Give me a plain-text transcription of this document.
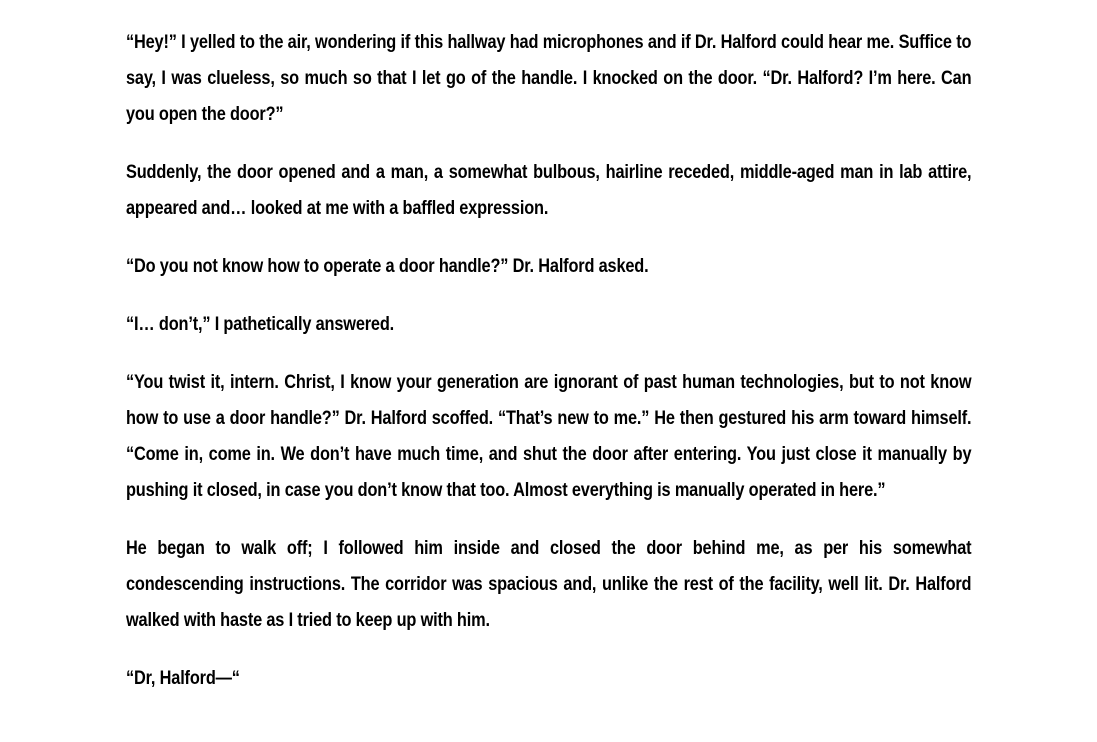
“Hey!” I yelled to the air, wondering if this hallway had microphones and if Dr. Halford could hear me. Suffice to say, I was clueless, so much so that I let go of the handle. I knocked on the door. “Dr. Halford? I’m here. Can you open the door?”

Suddenly, the door opened and a man, a somewhat bulbous, hairline receded, middle-aged man in lab attire, appeared and… looked at me with a baffled expression.

“Do you not know how to operate a door handle?” Dr. Halford asked.

“I… don’t,” I pathetically answered.

“You twist it, intern. Christ, I know your generation are ignorant of past human technologies, but to not know how to use a door handle?” Dr. Halford scoffed. “That’s new to me.” He then gestured his arm toward himself. “Come in, come in. We don’t have much time, and shut the door after entering. You just close it manually by pushing it closed, in case you don’t know that too. Almost everything is manually operated in here.”

He began to walk off; I followed him inside and closed the door behind me, as per his somewhat condescending instructions. The corridor was spacious and, unlike the rest of the facility, well lit. Dr. Halford walked with haste as I tried to keep up with him.

“Dr, Halford—“
